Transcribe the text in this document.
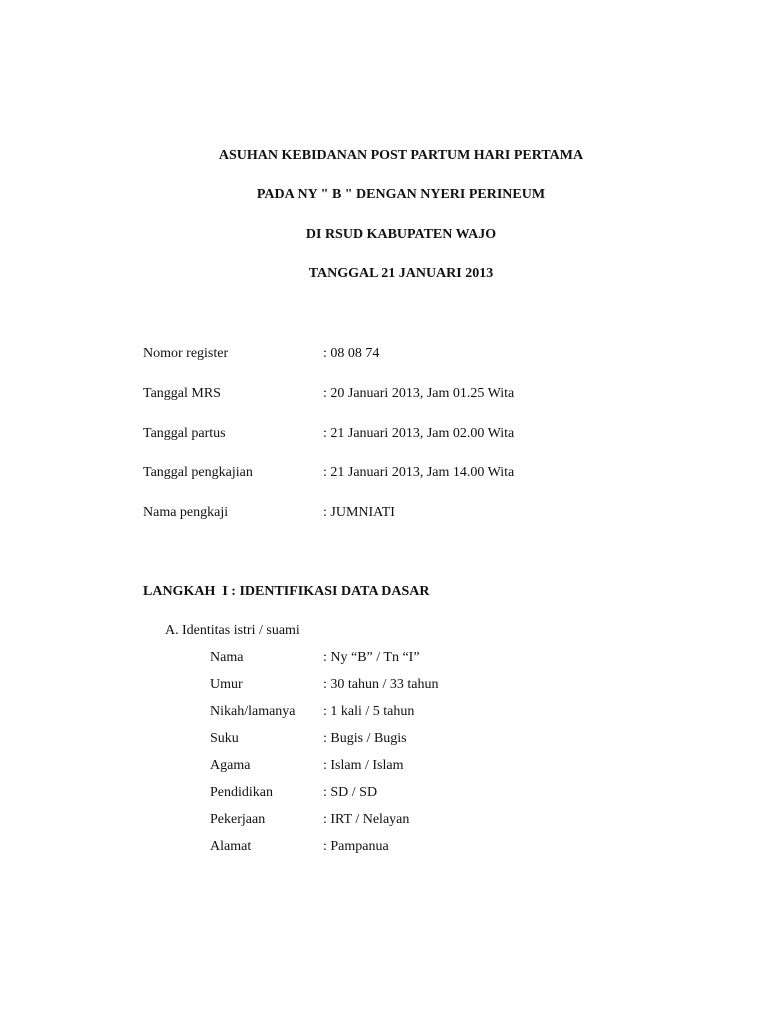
ASUHAN KEBIDANAN POST PARTUM HARI PERTAMA
PADA NY " B " DENGAN NYERI PERINEUM
DI RSUD KABUPATEN WAJO
TANGGAL 21 JANUARI 2013
Nomor register	: 08 08 74
Tanggal MRS	: 20 Januari 2013, Jam 01.25 Wita
Tanggal partus	: 21 Januari 2013, Jam 02.00 Wita
Tanggal pengkajian	: 21 Januari 2013, Jam 14.00 Wita
Nama pengkaji	: JUMNIATI
LANGKAH  I : IDENTIFIKASI DATA DASAR
A. Identitas istri / suami
Nama	: Ny “B” / Tn “I”
Umur	: 30 tahun / 33 tahun
Nikah/lamanya : 1 kali / 5 tahun
Suku	: Bugis / Bugis
Agama	: Islam / Islam
Pendidikan	: SD / SD
Pekerjaan	: IRT / Nelayan
Alamat	: Pampanua
